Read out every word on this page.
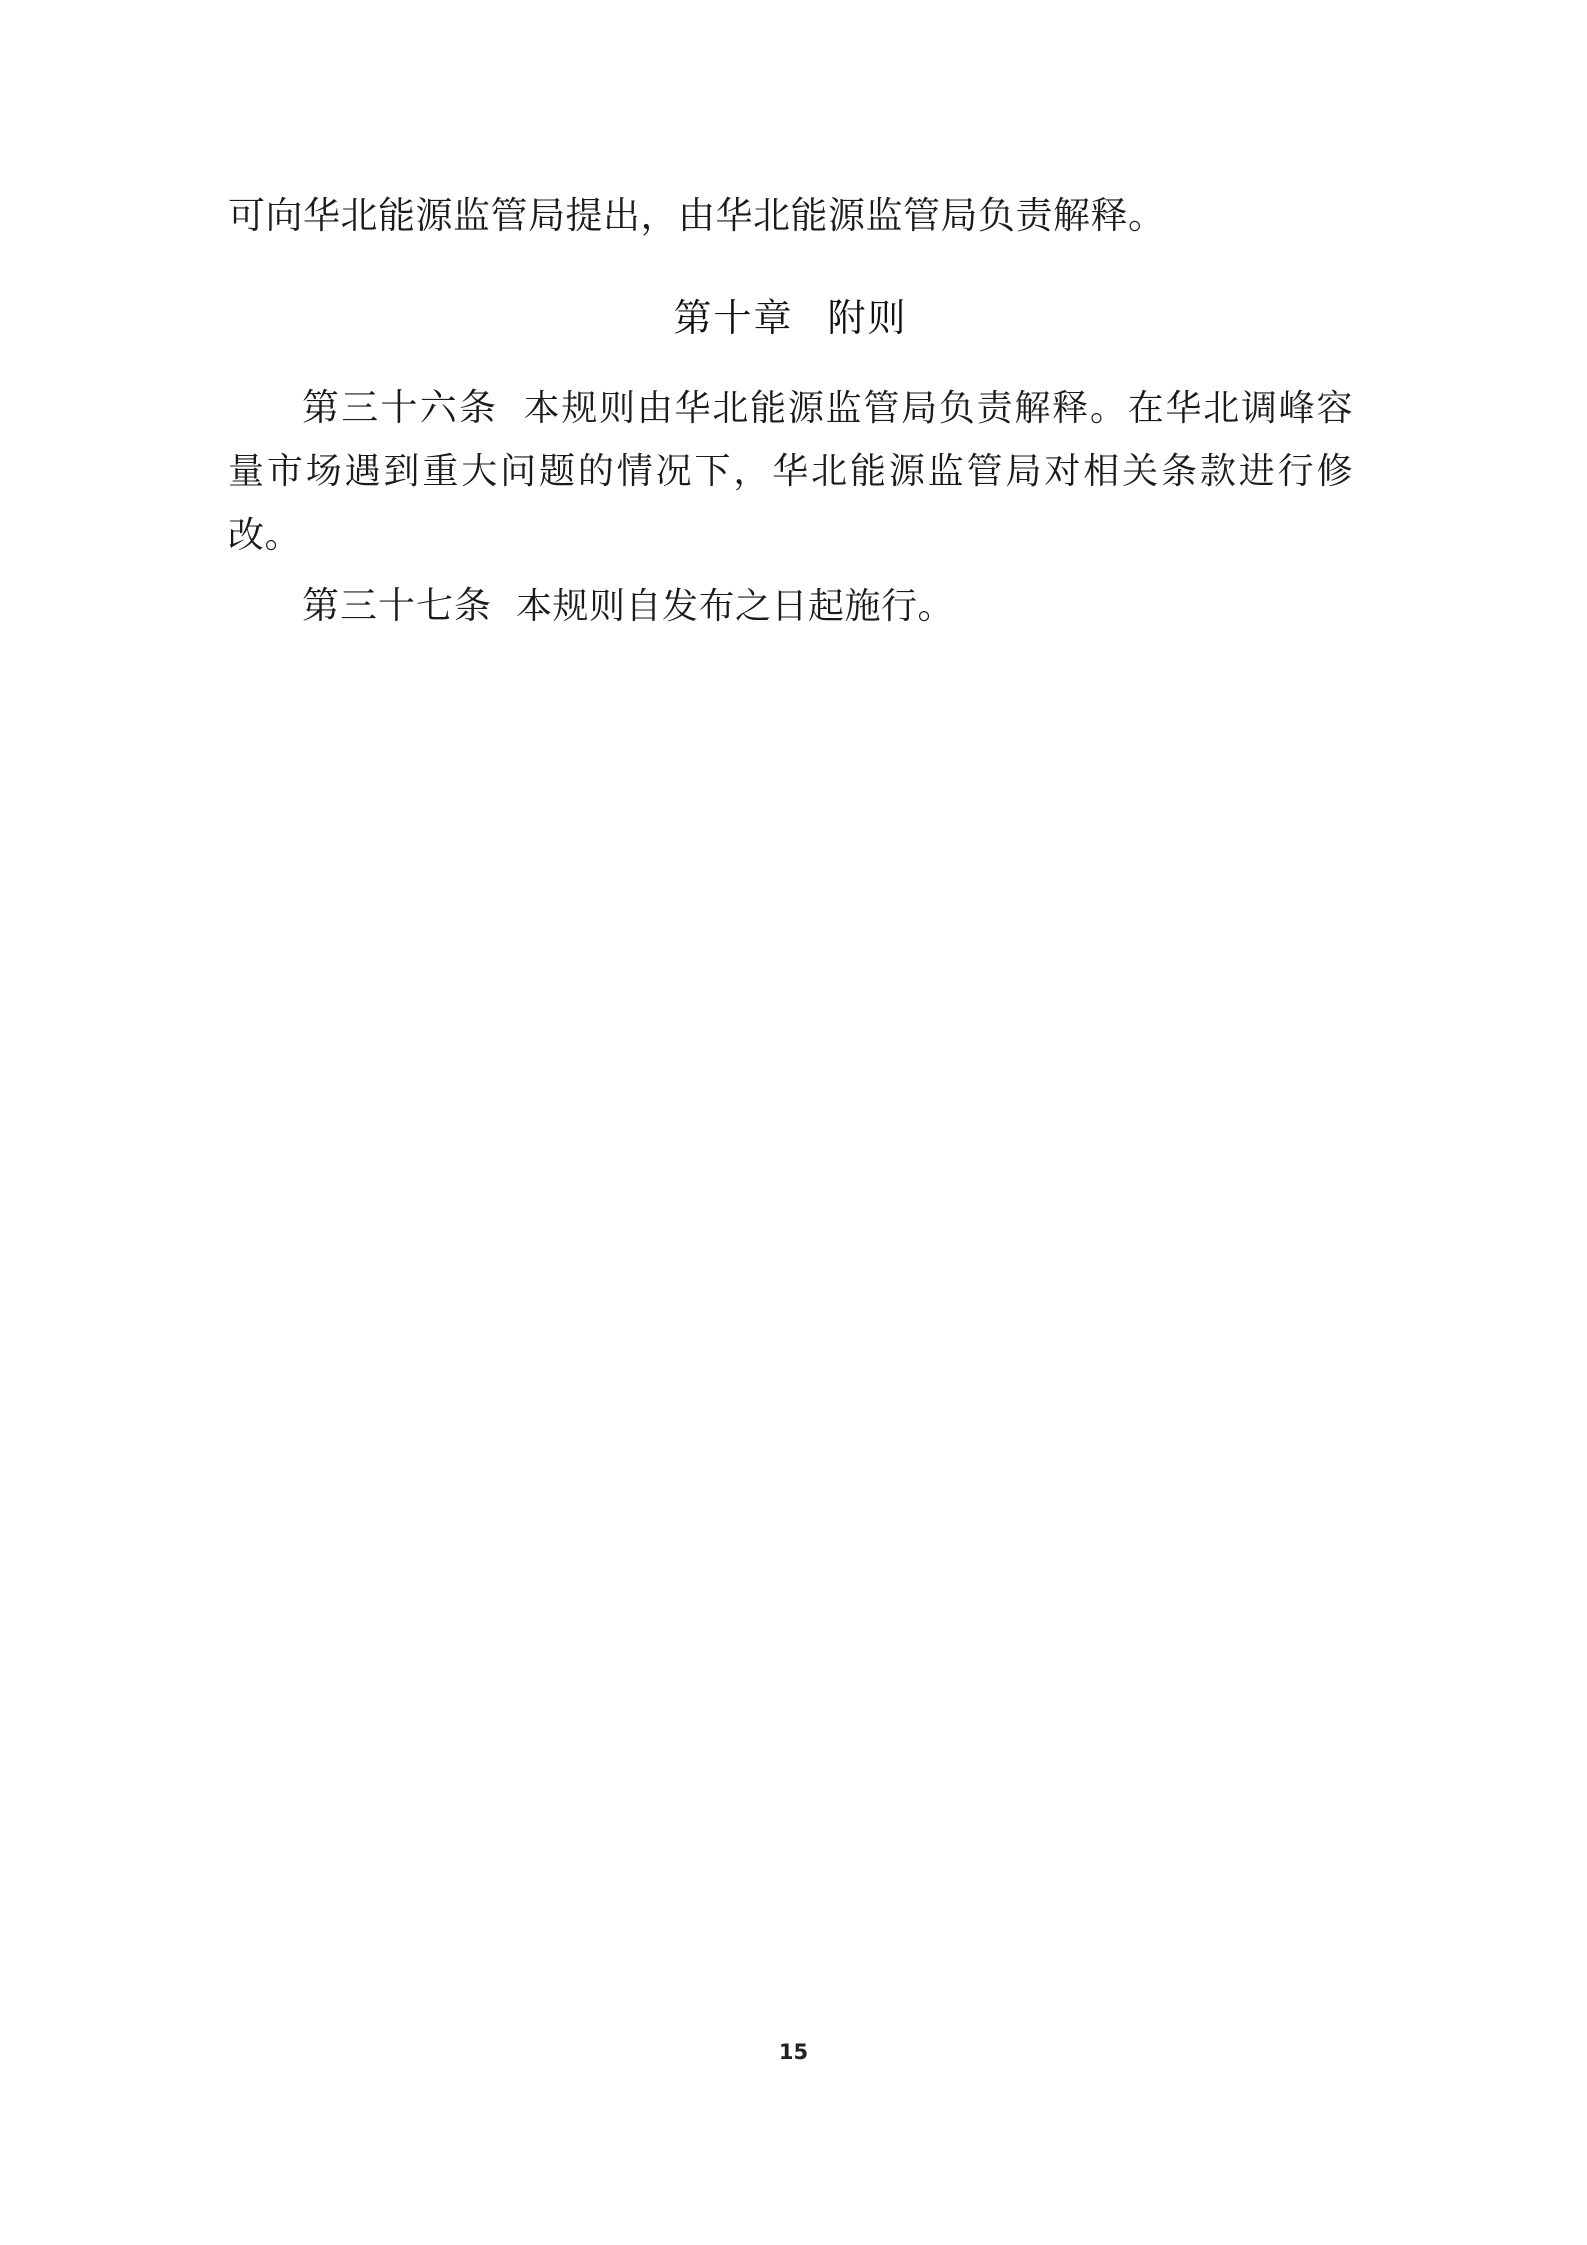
可向华北能源监管局提出，由华北能源监管局负责解释。

第十章 附则

第三十六条 本规则由华北能源监管局负责解释。在华北调峰容量市场遇到重大问题的情况下，华北能源监管局对相关条款进行修改。

第三十七条 本规则自发布之日起施行。

15
